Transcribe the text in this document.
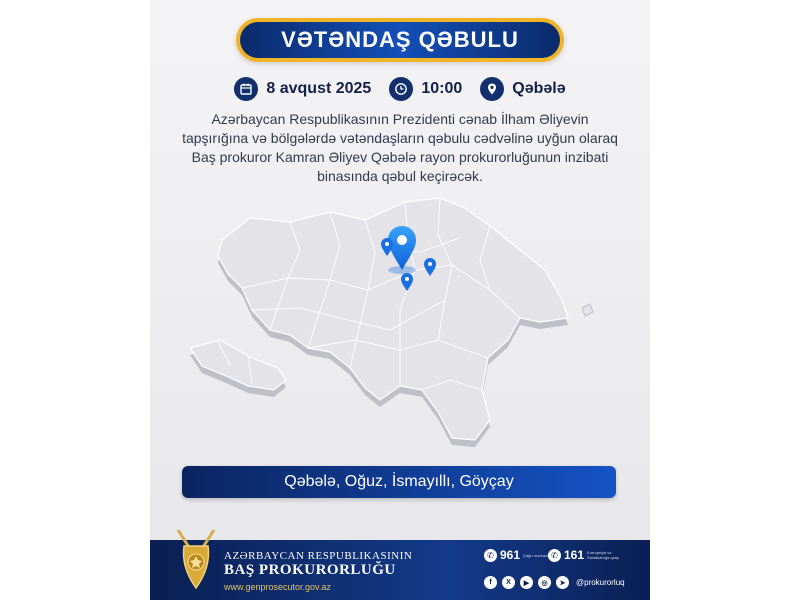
VƏTƏNDAŞ QƏBULU
8 avqust 2025	10:00	Qəbələ
Azərbaycan Respublikasının Prezidenti cənab İlham Əliyevin tapşırığına və bölgələrdə vətəndaşların qəbulu cədvəlinə uyğun olaraq Baş prokuror Kamran Əliyev Qəbələ rayon prokurorluğunun inzibati binasında qəbul keçirəcək.
Qəbələ, Oğuz, İsmayıllı, Göyçay
AZƏRBAYCAN RESPUBLIKASININ
BAŞ PROKURORLUĞU
www.genprosecutor.gov.az
✆ 961 Çağrı mərkəzi ✆ 161 Korrupsiya və Saxtakarlığa qarşı
f	X	▶	◎	➤	@prokurorluq
